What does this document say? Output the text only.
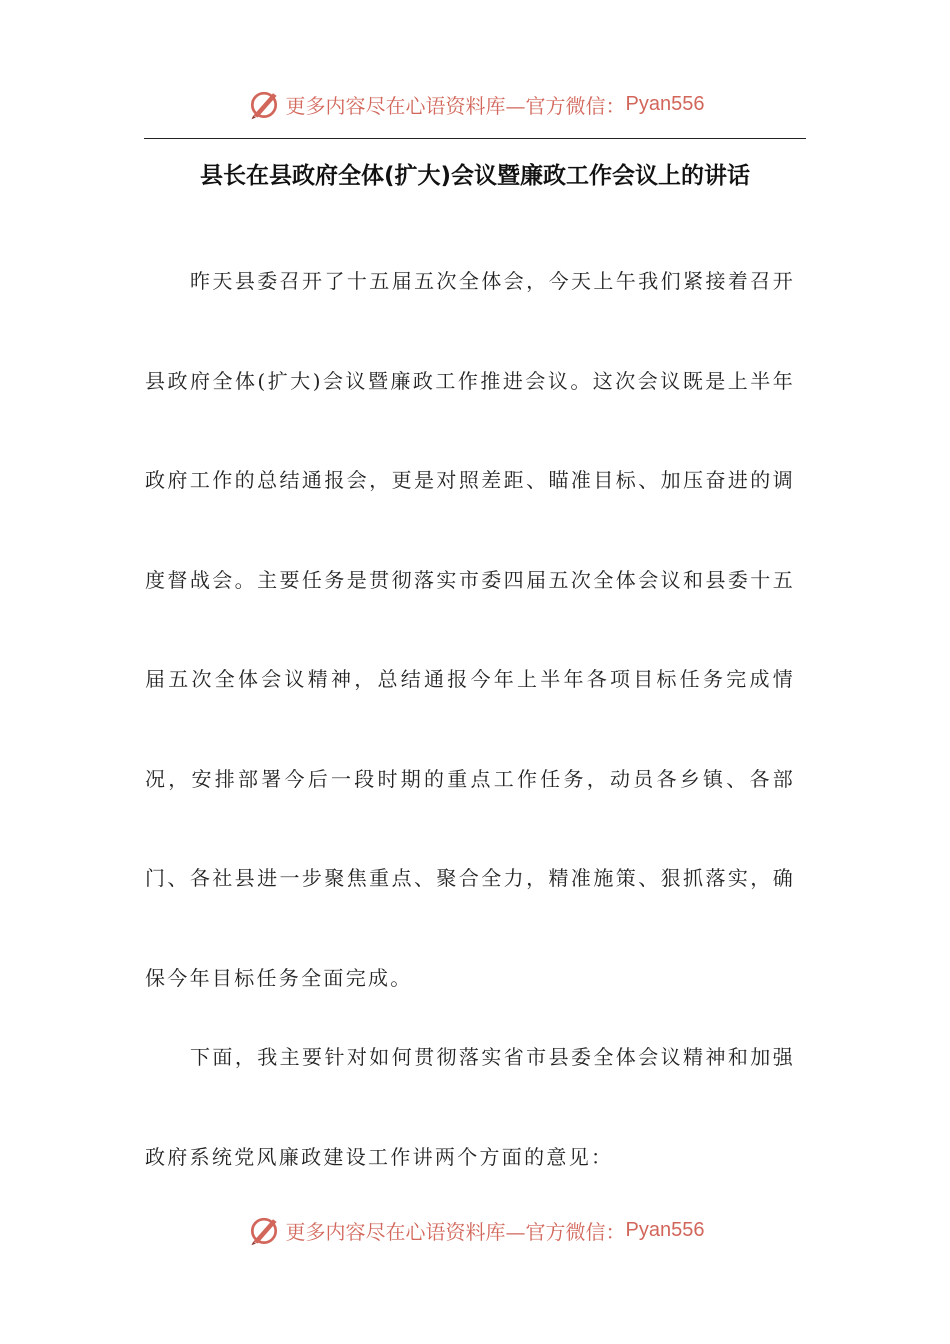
更多内容尽在心语资料库—官方微信： Pyan556
县长在县政府全体(扩大)会议暨廉政工作会议上的讲话

昨天县委召开了十五届五次全体会，今天上午我们紧接着召开县政府全体(扩大)会议暨廉政工作推进会议。这次会议既是上半年政府工作的总结通报会，更是对照差距、瞄准目标、加压奋进的调度督战会。主要任务是贯彻落实市委四届五次全体会议和县委十五届五次全体会议精神，总结通报今年上半年各项目标任务完成情况，安排部署今后一段时期的重点工作任务，动员各乡镇、各部门、各社县进一步聚焦重点、聚合全力，精准施策、狠抓落实，确保今年目标任务全面完成。

下面，我主要针对如何贯彻落实省市县委全体会议精神和加强政府系统党风廉政建设工作讲两个方面的意见：

更多内容尽在心语资料库—官方微信： Pyan556
